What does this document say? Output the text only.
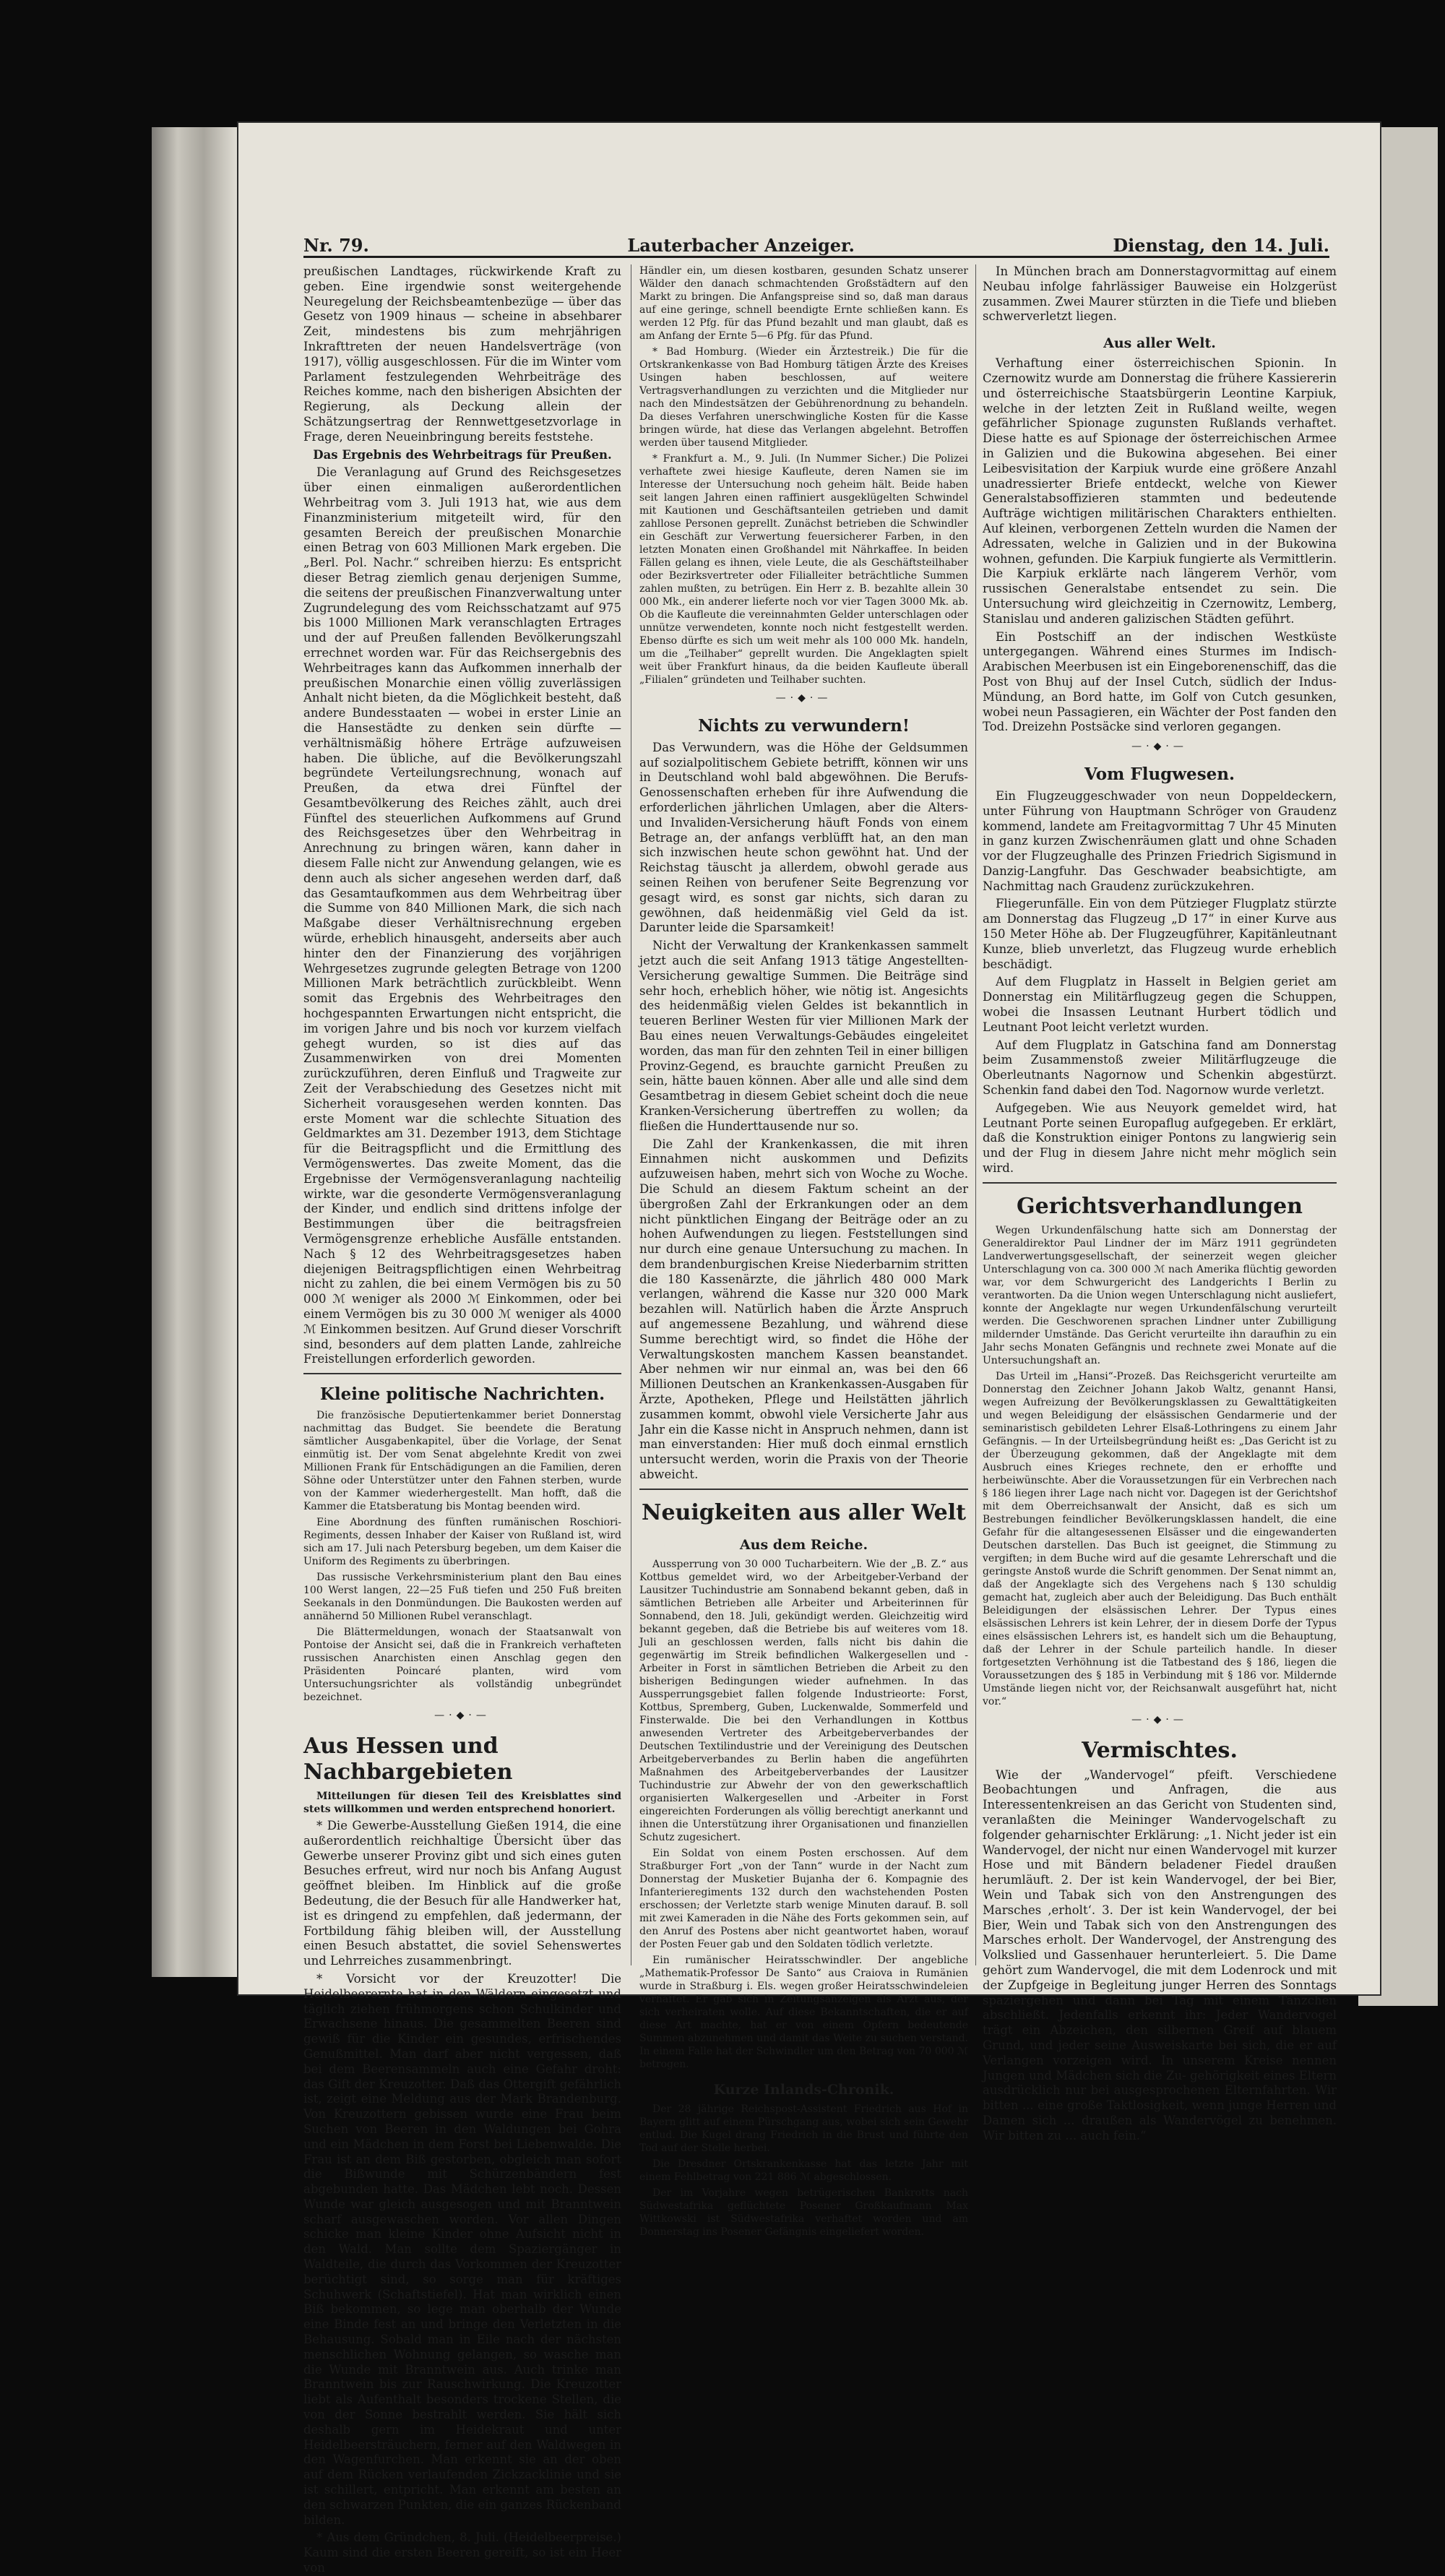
Nr. 79.	Lauterbacher Anzeiger.	Dienstag, den 14. Juli.

preußischen Landtages, rückwirkende Kraft zu geben. Eine irgendwie sonst weitergehende Neuregelung der Reichsbeamtenbezüge — über das Gesetz von 1909 hinaus — scheine in absehbarer Zeit, mindestens bis zum mehrjährigen Inkrafttreten der neuen Handelsverträge (von 1917), völlig ausgeschlossen. Für die im Winter vom Parlament festzulegenden Wehrbeiträge des Reiches komme, nach den bisherigen Absichten der Regierung, als Deckung allein der Schätzungsertrag der Rennwettgesetzvorlage in Frage, deren Neueinbringung bereits feststehe.

Das Ergebnis des Wehrbeitrags für Preußen.

Die Veranlagung auf Grund des Reichsgesetzes über einen einmaligen außerordentlichen Wehrbeitrag vom 3. Juli 1913 hat, wie aus dem Finanzministerium mitgeteilt wird, für den gesamten Bereich der preußischen Monarchie einen Betrag von 603 Millionen Mark ergeben. Die „Berl. Pol. Nachr.“ schreiben hierzu: Es entspricht dieser Betrag ziemlich genau derjenigen Summe, die seitens der preußischen Finanzverwaltung unter Zugrundelegung des vom Reichsschatzamt auf 975 bis 1000 Millionen Mark veranschlagten Ertrages und der auf Preußen fallenden Bevölkerungszahl errechnet worden war. Für das Reichsergebnis des Wehrbeitrages kann das Aufkommen innerhalb der preußischen Monarchie einen völlig zuverlässigen Anhalt nicht bieten, da die Möglichkeit besteht, daß andere Bundesstaaten — wobei in erster Linie an die Hansestädte zu denken sein dürfte — verhältnismäßig höhere Erträge aufzuweisen haben. Die übliche, auf die Bevölkerungszahl begründete Verteilungsrechnung, wonach auf Preußen, da etwa drei Fünftel der Gesamtbevölkerung des Reiches zählt, auch drei Fünftel des steuerlichen Aufkommens auf Grund des Reichsgesetzes über den Wehrbeitrag in Anrechnung zu bringen wären, kann daher in diesem Falle nicht zur Anwendung gelangen, wie es denn auch als sicher angesehen werden darf, daß das Gesamtaufkommen aus dem Wehrbeitrag über die Summe von 840 Millionen Mark, die sich nach Maßgabe dieser Verhältnisrechnung ergeben würde, erheblich hinausgeht, anderseits aber auch hinter den der Finanzierung des vorjährigen Wehrgesetzes zugrunde gelegten Betrage von 1200 Millionen Mark beträchtlich zurückbleibt. Wenn somit das Ergebnis des Wehrbeitrages den hochgespannten Erwartungen nicht entspricht, die im vorigen Jahre und bis noch vor kurzem vielfach gehegt wurden, so ist dies auf das Zusammenwirken von drei Momenten zurückzuführen, deren Einfluß und Tragweite zur Zeit der Verabschiedung des Gesetzes nicht mit Sicherheit vorausgesehen werden konnten. Das erste Moment war die schlechte Situation des Geldmarktes am 31. Dezember 1913, dem Stichtage für die Beitragspflicht und die Ermittlung des Vermögenswertes. Das zweite Moment, das die Ergebnisse der Vermögensveranlagung nachteilig wirkte, war die gesonderte Vermögensveranlagung der Kinder, und endlich sind drittens infolge der Bestimmungen über die beitragsfreien Vermögensgrenze erhebliche Ausfälle entstanden. Nach § 12 des Wehrbeitragsgesetzes haben diejenigen Beitragspflichtigen einen Wehrbeitrag nicht zu zahlen, die bei einem Vermögen bis zu 50 000 ℳ weniger als 2000 ℳ Einkommen, oder bei einem Vermögen bis zu 30 000 ℳ weniger als 4000 ℳ Einkommen besitzen. Auf Grund dieser Vorschrift sind, besonders auf dem platten Lande, zahlreiche Freistellungen erforderlich geworden.

Kleine politische Nachrichten.

Die französische Deputiertenkammer beriet Donnerstag nachmittag das Budget. Sie beendete die Beratung sämtlicher Ausgabenkapitel, über die Vorlage, der Senat einmütig ist. Der vom Senat abgelehnte Kredit von zwei Millionen Frank für Entschädigungen an die Familien, deren Söhne oder Unterstützer unter den Fahnen sterben, wurde von der Kammer wiederhergestellt. Man hofft, daß die Kammer die Etatsberatung bis Montag beenden wird.

Eine Abordnung des fünften rumänischen Roschiori-Regiments, dessen Inhaber der Kaiser von Rußland ist, wird sich am 17. Juli nach Petersburg begeben, um dem Kaiser die Uniform des Regiments zu überbringen.

Das russische Verkehrsministerium plant den Bau eines 100 Werst langen, 22—25 Fuß tiefen und 250 Fuß breiten Seekanals in den Donmündungen. Die Baukosten werden auf annähernd 50 Millionen Rubel veranschlagt.

Die Blättermeldungen, wonach der Staatsanwalt von Pontoise der Ansicht sei, daß die in Frankreich verhafteten russischen Anarchisten einen Anschlag gegen den Präsidenten Poincaré planten, wird vom Untersuchungsrichter als vollständig unbegründet bezeichnet.

—·◆·—

Aus Hessen und Nachbargebieten

Mitteilungen für diesen Teil des Kreisblattes sind stets willkommen und werden entsprechend honoriert.

* Die Gewerbe-Ausstellung Gießen 1914, die eine außerordentlich reichhaltige Übersicht über das Gewerbe unserer Provinz gibt und sich eines guten Besuches erfreut, wird nur noch bis Anfang August geöffnet bleiben. Im Hinblick auf die große Bedeutung, die der Besuch für alle Handwerker hat, ist es dringend zu empfehlen, daß jedermann, der Fortbildung fähig bleiben will, der Ausstellung einen Besuch abstattet, die soviel Sehenswertes und Lehrreiches zusammenbringt.

* Vorsicht vor der Kreuzotter! Die Heidelbeerernte hat in den Wäldern eingesetzt und täglich ziehen frühmorgens schon Schulkinder und Erwachsene hinaus. Die gesammelten Beeren sind gewiß für die Kinder ein gesundes, erfrischendes Genußmittel. Man darf aber nicht vergessen, daß bei dem Beerensammeln auch eine Gefahr droht: das Gift der Kreuzotter. Daß das Ottergift gefährlich ist, zeigt eine Meldung aus der Mark Brandenburg. Von Kreuzottern gebissen wurde eine Frau beim Suchen von Beeren in den Waldungen bei Gohra und ein Mädchen in dem Forst bei Liebenwalde. Die Frau ist an dem Biß gestorben, obgleich man sofort die Bißwunde mit Schürzenbändern fest abgebunden hatte. Das Mädchen lebt noch. Dessen Wunde war gleich ausgesogen und mit Branntwein scharf ausgewaschen worden. Vor allen Dingen schicke man kleine Kinder ohne Aufsicht nicht in den Wald. Man sollte dem Spaziergänger in Waldteile, die durch das Vorkommen der Kreuzotter berüchtigt sind, so sorge man für kräftiges Schuhwerk (Schaftstiefel). Hat man wirklich einen Biß bekommen, so lege man oberhalb der Wunde eine Binde fest an und bringe den Verletzten in die Behausung. Sobald man in Eile nach der nächsten menschlichen Wohnung gelangen, so wasche man die Wunde mit Branntwein aus. Auch trinke man Branntwein bis zur Rauschwirkung. Die Kreuzotter liebt als Aufenthalt besonders trockene Stellen, die von der Sonne bestrahlt werden. Sie hält sich deshalb gern im Heidekraut und unter Heidelbeersträuchern, ferner auf den Waldwegen in den Wagenfurchen. Man erkennt sie an der oben auf dem Rücken verlaufenden Zickzacklinie und sie ist schillert, entpricht. Man erkennt am besten an den schwarzen Punkten, die ein ganzes Rückenband bilden.

* Aus dem Gründchen, 8. Juli. (Heidelbeerpreise.) Kaum sind die ersten Beeren gereift, so ist ein Heer von

Händler ein, um diesen kostbaren, gesunden Schatz unserer Wälder den danach schmachtenden Großstädtern auf den Markt zu bringen. Die Anfangspreise sind so, daß man daraus auf eine geringe, schnell beendigte Ernte schließen kann. Es werden 12 Pfg. für das Pfund bezahlt und man glaubt, daß es am Anfang der Ernte 5—6 Pfg. für das Pfund.

* Bad Homburg. (Wieder ein Ärztestreik.) Die für die Ortskrankenkasse von Bad Homburg tätigen Ärzte des Kreises Usingen haben beschlossen, auf weitere Vertragsverhandlungen zu verzichten und die Mitglieder nur nach den Mindestsätzen der Gebührenordnung zu behandeln. Da dieses Verfahren unerschwingliche Kosten für die Kasse bringen würde, hat diese das Verlangen abgelehnt. Betroffen werden über tausend Mitglieder.

* Frankfurt a. M., 9. Juli. (In Nummer Sicher.) Die Polizei verhaftete zwei hiesige Kaufleute, deren Namen sie im Interesse der Untersuchung noch geheim hält. Beide haben seit langen Jahren einen raffiniert ausgeklügelten Schwindel mit Kautionen und Geschäftsanteilen getrieben und damit zahllose Personen geprellt. Zunächst betrieben die Schwindler ein Geschäft zur Verwertung feuersicherer Farben, in den letzten Monaten einen Großhandel mit Nährkaffee. In beiden Fällen gelang es ihnen, viele Leute, die als Geschäftsteilhaber oder Bezirksvertreter oder Filialleiter beträchtliche Summen zahlen mußten, zu betrügen. Ein Herr z. B. bezahlte allein 30 000 Mk., ein anderer lieferte noch vor vier Tagen 3000 Mk. ab. Ob die Kaufleute die vereinnahmten Gelder unterschlagen oder unnütze verwendeten, konnte noch nicht festgestellt werden. Ebenso dürfte es sich um weit mehr als 100 000 Mk. handeln, um die „Teilhaber“ geprellt wurden. Die Angeklagten spielt weit über Frankfurt hinaus, da die beiden Kaufleute überall „Filialen“ gründeten und Teilhaber suchten.

—·◆·—

Nichts zu verwundern!

Das Verwundern, was die Höhe der Geldsummen auf sozialpolitischem Gebiete betrifft, können wir uns in Deutschland wohl bald abgewöhnen. Die Berufs-Genossenschaften erheben für ihre Aufwendung die erforderlichen jährlichen Umlagen, aber die Alters- und Invaliden-Versicherung häuft Fonds von einem Betrage an, der anfangs verblüfft hat, an den man sich inzwischen heute schon gewöhnt hat. Und der Reichstag täuscht ja allerdem, obwohl gerade aus seinen Reihen von berufener Seite Begrenzung vor gesagt wird, es sonst gar nichts, sich daran zu gewöhnen, daß heidenmäßig viel Geld da ist. Darunter leide die Sparsamkeit!

Nicht der Verwaltung der Krankenkassen sammelt jetzt auch die seit Anfang 1913 tätige Angestellten-Versicherung gewaltige Summen. Die Beiträge sind sehr hoch, erheblich höher, wie nötig ist. Angesichts des heidenmäßig vielen Geldes ist bekanntlich in teueren Berliner Westen für vier Millionen Mark der Bau eines neuen Verwaltungs-Gebäudes eingeleitet worden, das man für den zehnten Teil in einer billigen Provinz-Gegend, es brauchte garnicht Preußen zu sein, hätte bauen können. Aber alle und alle sind dem Gesamtbetrag in diesem Gebiet scheint doch die neue Kranken-Versicherung übertreffen zu wollen; da fließen die Hunderttausende nur so.

Die Zahl der Krankenkassen, die mit ihren Einnahmen nicht auskommen und Defizits aufzuweisen haben, mehrt sich von Woche zu Woche. Die Schuld an diesem Faktum scheint an der übergroßen Zahl der Erkrankungen oder an dem nicht pünktlichen Eingang der Beiträge oder an zu hohen Aufwendungen zu liegen. Feststellungen sind nur durch eine genaue Untersuchung zu machen. In dem brandenburgischen Kreise Niederbarnim stritten die 180 Kassenärzte, die jährlich 480 000 Mark verlangen, während die Kasse nur 320 000 Mark bezahlen will. Natürlich haben die Ärzte Anspruch auf angemessene Bezahlung, und während diese Summe berechtigt wird, so findet die Höhe der Verwaltungskosten manchem Kassen beanstandet. Aber nehmen wir nur einmal an, was bei den 66 Millionen Deutschen an Krankenkassen-Ausgaben für Ärzte, Apotheken, Pflege und Heilstätten jährlich zusammen kommt, obwohl viele Versicherte Jahr aus Jahr ein die Kasse nicht in Anspruch nehmen, dann ist man einverstanden: Hier muß doch einmal ernstlich untersucht werden, worin die Praxis von der Theorie abweicht.

Neuigkeiten aus aller Welt

Aus dem Reiche.

Aussperrung von 30 000 Tucharbeitern. Wie der „B. Z.“ aus Kottbus gemeldet wird, wo der Arbeitgeber-Verband der Lausitzer Tuchindustrie am Sonnabend bekannt geben, daß in sämtlichen Betrieben alle Arbeiter und Arbeiterinnen für Sonnabend, den 18. Juli, gekündigt werden. Gleichzeitig wird bekannt gegeben, daß die Betriebe bis auf weiteres vom 18. Juli an geschlossen werden, falls nicht bis dahin die gegenwärtig im Streik befindlichen Walkergesellen und -Arbeiter in Forst in sämtlichen Betrieben die Arbeit zu den bisherigen Bedingungen wieder aufnehmen. In das Aussperrungsgebiet fallen folgende Industrieorte: Forst, Kottbus, Spremberg, Guben, Luckenwalde, Sommerfeld und Finsterwalde. Die bei den Verhandlungen in Kottbus anwesenden Vertreter des Arbeitgeberverbandes der Deutschen Textilindustrie und der Vereinigung des Deutschen Arbeitgeberverbandes zu Berlin haben die angeführten Maßnahmen des Arbeitgeberverbandes der Lausitzer Tuchindustrie zur Abwehr der von den gewerkschaftlich organisierten Walkergesellen und -Arbeiter in Forst eingereichten Forderungen als völlig berechtigt anerkannt und ihnen die Unterstützung ihrer Organisationen und finanziellen Schutz zugesichert.

Ein Soldat von einem Posten erschossen. Auf dem Straßburger Fort „von der Tann“ wurde in der Nacht zum Donnerstag der Musketier Bujanha der 6. Kompagnie des Infanterieregiments 132 durch den wachstehenden Posten erschossen; der Verletzte starb wenige Minuten darauf. B. soll mit zwei Kameraden in die Nähe des Forts gekommen sein, auf den Anruf des Postens aber nicht geantwortet haben, worauf der Posten Feuer gab und den Soldaten tödlich verletzte.

Ein rumänischer Heiratsschwindler. Der angebliche „Mathematik-Professor De Santo“ aus Craiova in Rumänien wurde in Straßburg i. Els. wegen großer Heiratsschwindeleien verhaftet. Er gab sich in Zeitungsanzeigen als Arzt aus, der sich verheiraten wolle. Auf diese Bekanntschaften, die er auf diese Art machte, hat er von einem Opfern bedeutende Summen abzunehmen und damit das Weite zu suchen verstand. In einem Falle hat der Schwindler um den Betrag von 70 000 ℳ betrogen.

Kurze Inlands-Chronik.

Der 28 jährige Reichspost-Assistent Friedrich aus Hof in Bayern glitt auf einem Pürschgang aus, wobei sich sein Gewehr entlud. Die Kugel drang Friedrich in die Brust und führte den Tod auf der Stelle herbei.

Die Dresdner Ortskrankenkasse hat das letzte Jahr mit einem Fehlbetrag von 221 886 ℳ abgeschlossen.

Der im Vorjahre wegen betrügerischen Bankrotts nach Südwestafrika geflüchtete Posener Großkaufmann Max Wittkowski ist Südwestafrika verhaftet worden und am Donnerstag ins Posener Gefängnis eingeliefert worden.

In München brach am Donnerstagvormittag auf einem Neubau infolge fahrlässiger Bauweise ein Holzgerüst zusammen. Zwei Maurer stürzten in die Tiefe und blieben schwerverletzt liegen.

Aus aller Welt.

Verhaftung einer österreichischen Spionin. In Czernowitz wurde am Donnerstag die frühere Kassiererin und österreichische Staatsbürgerin Leontine Karpiuk, welche in der letzten Zeit in Rußland weilte, wegen gefährlicher Spionage zugunsten Rußlands verhaftet. Diese hatte es auf Spionage der österreichischen Armee in Galizien und die Bukowina abgesehen. Bei einer Leibesvisitation der Karpiuk wurde eine größere Anzahl unadressierter Briefe entdeckt, welche von Kiewer Generalstabsoffizieren stammten und bedeutende Aufträge wichtigen militärischen Charakters enthielten. Auf kleinen, verborgenen Zetteln wurden die Namen der Adressaten, welche in Galizien und in der Bukowina wohnen, gefunden. Die Karpiuk fungierte als Vermittlerin. Die Karpiuk erklärte nach längerem Verhör, vom russischen Generalstabe entsendet zu sein. Die Untersuchung wird gleichzeitig in Czernowitz, Lemberg, Stanislau und anderen galizischen Städten geführt.

Ein Postschiff an der indischen Westküste untergegangen. Während eines Sturmes im Indisch-Arabischen Meerbusen ist ein Eingeborenenschiff, das die Post von Bhuj auf der Insel Cutch, südlich der Indus-Mündung, an Bord hatte, im Golf von Cutch gesunken, wobei neun Passagieren, ein Wächter der Post fanden den Tod. Dreizehn Postsäcke sind verloren gegangen.

—·◆·—

Vom Flugwesen.

Ein Flugzeuggeschwader von neun Doppeldeckern, unter Führung von Hauptmann Schröger von Graudenz kommend, landete am Freitagvormittag 7 Uhr 45 Minuten in ganz kurzen Zwischenräumen glatt und ohne Schaden vor der Flugzeughalle des Prinzen Friedrich Sigismund in Danzig-Langfuhr. Das Geschwader beabsichtigte, am Nachmittag nach Graudenz zurückzukehren.

Fliegerunfälle. Ein von dem Pützieger Flugplatz stürzte am Donnerstag das Flugzeug „D 17“ in einer Kurve aus 150 Meter Höhe ab. Der Flugzeugführer, Kapitänleutnant Kunze, blieb unverletzt, das Flugzeug wurde erheblich beschädigt.

Auf dem Flugplatz in Hasselt in Belgien geriet am Donnerstag ein Militärflugzeug gegen die Schuppen, wobei die Insassen Leutnant Hurbert tödlich und Leutnant Poot leicht verletzt wurden.

Auf dem Flugplatz in Gatschina fand am Donnerstag beim Zusammenstoß zweier Militärflugzeuge die Oberleutnants Nagornow und Schenkin abgestürzt. Schenkin fand dabei den Tod. Nagornow wurde verletzt.

Aufgegeben. Wie aus Neuyork gemeldet wird, hat Leutnant Porte seinen Europaflug aufgegeben. Er erklärt, daß die Konstruktion einiger Pontons zu langwierig sein und der Flug in diesem Jahre nicht mehr möglich sein wird.

Gerichtsverhandlungen

Wegen Urkundenfälschung hatte sich am Donnerstag der Generaldirektor Paul Lindner der im März 1911 gegründeten Landverwertungsgesellschaft, der seinerzeit wegen gleicher Unterschlagung von ca. 300 000 ℳ nach Amerika flüchtig geworden war, vor dem Schwurgericht des Landgerichts I Berlin zu verantworten. Da die Union wegen Unterschlagung nicht ausliefert, konnte der Angeklagte nur wegen Urkundenfälschung verurteilt werden. Die Geschworenen sprachen Lindner unter Zubilligung mildernder Umstände. Das Gericht verurteilte ihn daraufhin zu ein Jahr sechs Monaten Gefängnis und rechnete zwei Monate auf die Untersuchungshaft an.

Das Urteil im „Hansi“-Prozeß. Das Reichsgericht verurteilte am Donnerstag den Zeichner Johann Jakob Waltz, genannt Hansi, wegen Aufreizung der Bevölkerungsklassen zu Gewalttätigkeiten und wegen Beleidigung der elsässischen Gendarmerie und der seminaristisch gebildeten Lehrer Elsaß-Lothringens zu einem Jahr Gefängnis. — In der Urteilsbegründung heißt es: „Das Gericht ist zu der Überzeugung gekommen, daß der Angeklagte mit dem Ausbruch eines Krieges rechnete, den er erhoffte und herbeiwünschte. Aber die Voraussetzungen für ein Verbrechen nach § 186 liegen ihrer Lage nach nicht vor. Dagegen ist der Gerichtshof mit dem Oberreichsanwalt der Ansicht, daß es sich um Bestrebungen feindlicher Bevölkerungsklassen handelt, die eine Gefahr für die altangesessenen Elsässer und die eingewanderten Deutschen darstellen. Das Buch ist geeignet, die Stimmung zu vergiften; in dem Buche wird auf die gesamte Lehrerschaft und die geringste Anstoß wurde die Schrift genommen. Der Senat nimmt an, daß der Angeklagte sich des Vergehens nach § 130 schuldig gemacht hat, zugleich aber auch der Beleidigung. Das Buch enthält Beleidigungen der elsässischen Lehrer. Der Typus eines elsässischen Lehrers ist kein Lehrer, der in diesem Dorfe der Typus eines elsässischen Lehrers ist, es handelt sich um die Behauptung, daß der Lehrer in der Schule parteilich handle. In dieser fortgesetzten Verhöhnung ist die Tatbestand des § 186, liegen die Voraussetzungen des § 185 in Verbindung mit § 186 vor. Mildernde Umstände liegen nicht vor, der Reichsanwalt ausgeführt hat, nicht vor.“

—·◆·—

Vermischtes.

Wie der „Wandervogel“ pfeift. Verschiedene Beobachtungen und Anfragen, die aus Interessentenkreisen an das Gericht von Studenten sind, veranlaßten die Meininger Wandervogelschaft zu folgender geharnischter Erklärung: „1. Nicht jeder ist ein Wandervogel, der nicht nur einen Wandervogel mit kurzer Hose und mit Bändern beladener Fiedel draußen herumläuft. 2. Der ist kein Wandervogel, der bei Bier, Wein und Tabak sich von den Anstrengungen des Marsches ‚erholt‘. 3. Der ist kein Wandervogel, der bei Bier, Wein und Tabak sich von den Anstrengungen des Marsches erholt. Der Wandervogel, der Anstrengung des Volkslied und Gassenhauer herunterleiert. 5. Die Dame gehört zum Wandervogel, die mit dem Lodenrock und mit der Zupfgeige in Begleitung junger Herren des Sonntags spaziergehen und dann bei Tag mit einem Tänzchen abschließt. Jedenfalls erkennt ihr: Jeder Wandervogel trägt ein Abzeichen, den silbernen Greif auf blauem Grund, und jeder seine Ausweiskarte bei sich, die er auf Verlangen vorzeigen wird. In unserem Kreise nennen Jungen und Mädchen sich die Zu- gehörigkeit eines Eltern ausdrücklich nur bei ausgesprochenen Elternfahrten. Wir bitten ... eine große Taktlosigkeit, wenn junge Herren und Damen sich ... draußen als Wandervögel zu benehmen. Wir bitten zu ... auch fein.“
